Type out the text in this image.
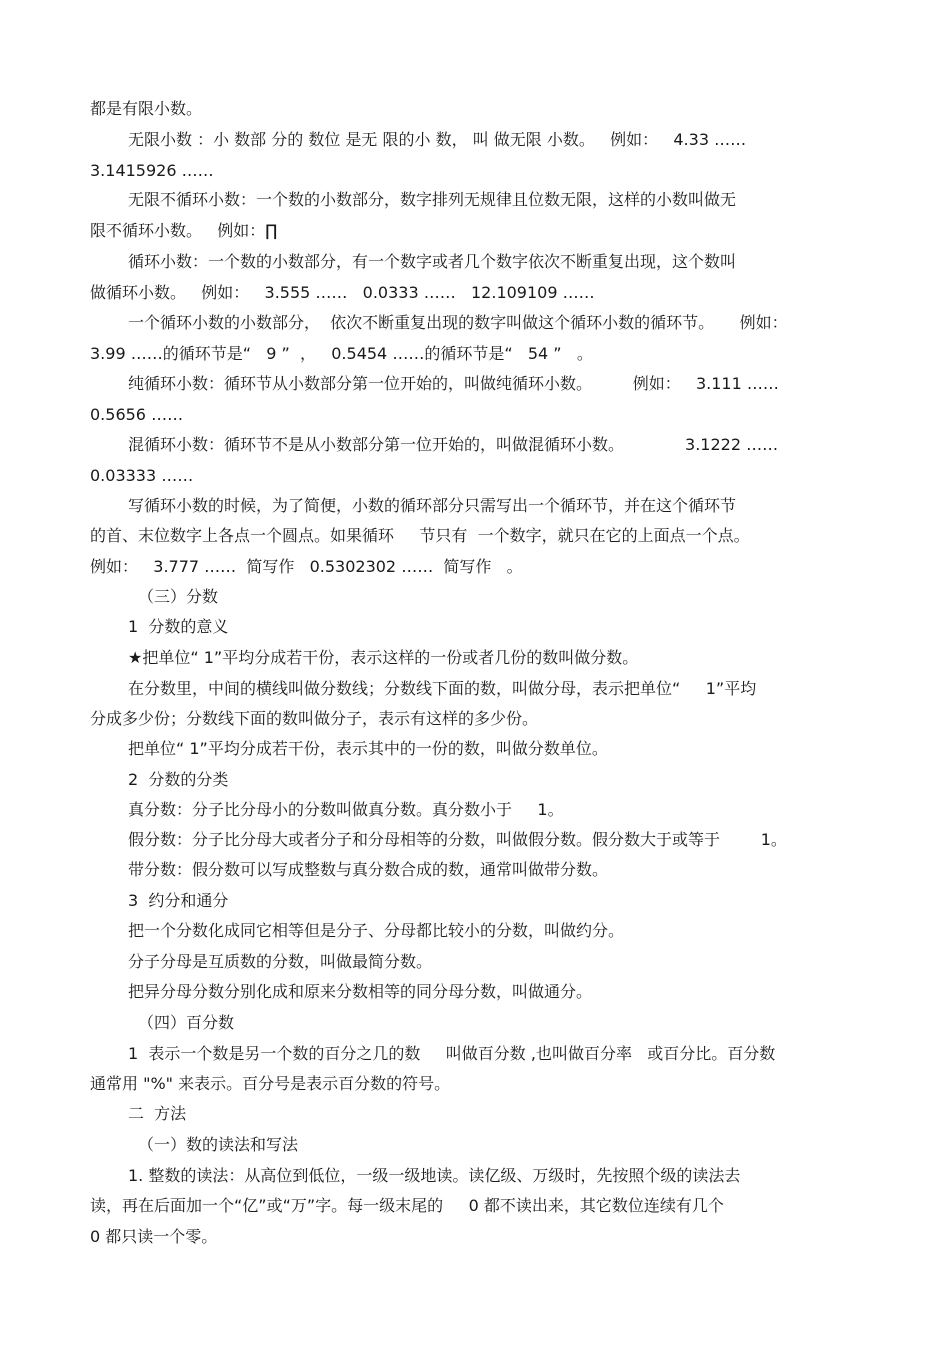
都是有限小数。
无限小数 ：小 数部 分的 数位 是无 限的小 数， 叫 做无限 小数。   例如：   4.33 ……
3.1415926 ……
无限不循环小数：一个数的小数部分，数字排列无规律且位数无限，这样的小数叫做无
限不循环小数。   例如：∏
循环小数：一个数的小数部分，有一个数字或者几个数字依次不断重复出现，这个数叫
做循环小数。   例如：   3.555 ……   0.0333 ……   12.109109 ……
一个循环小数的小数部分，  依次不断重复出现的数字叫做这个循环小数的循环节。     例如：
3.99 ……的循环节是“   9 ”  ，   0.5454 ……的循环节是“   54 ”   。
纯循环小数：循环节从小数部分第一位开始的，叫做纯循环小数。        例如：   3.111 ……
0.5656 ……
混循环小数：循环节不是从小数部分第一位开始的，叫做混循环小数。            3.1222 ……
0.03333 ……
写循环小数的时候，为了简便，小数的循环部分只需写出一个循环节，并在这个循环节
的首、末位数字上各点一个圆点。如果循环     节只有  一个数字，就只在它的上面点一个点。
例如：   3.777 ……  简写作   0.5302302 ……  简写作   。
（三）分数
1  分数的意义
★把单位“ 1”平均分成若干份，表示这样的一份或者几份的数叫做分数。
在分数里，中间的横线叫做分数线；分数线下面的数，叫做分母，表示把单位“     1”平均
分成多少份；分数线下面的数叫做分子，表示有这样的多少份。
把单位“ 1”平均分成若干份，表示其中的一份的数，叫做分数单位。
2  分数的分类
真分数：分子比分母小的分数叫做真分数。真分数小于     1。
假分数：分子比分母大或者分子和分母相等的分数，叫做假分数。假分数大于或等于        1。
带分数：假分数可以写成整数与真分数合成的数，通常叫做带分数。
3  约分和通分
把一个分数化成同它相等但是分子、分母都比较小的分数，叫做约分。
分子分母是互质数的分数，叫做最简分数。
把异分母分数分别化成和原来分数相等的同分母分数，叫做通分。
（四）百分数
1  表示一个数是另一个数的百分之几的数     叫做百分数 ,也叫做百分率   或百分比。百分数
通常用 "%" 来表示。百分号是表示百分数的符号。
二  方法
（一）数的读法和写法
1. 整数的读法：从高位到低位，一级一级地读。读亿级、万级时，先按照个级的读法去
读，再在后面加一个“亿”或“万”字。每一级末尾的     0 都不读出来，其它数位连续有几个
0 都只读一个零。
